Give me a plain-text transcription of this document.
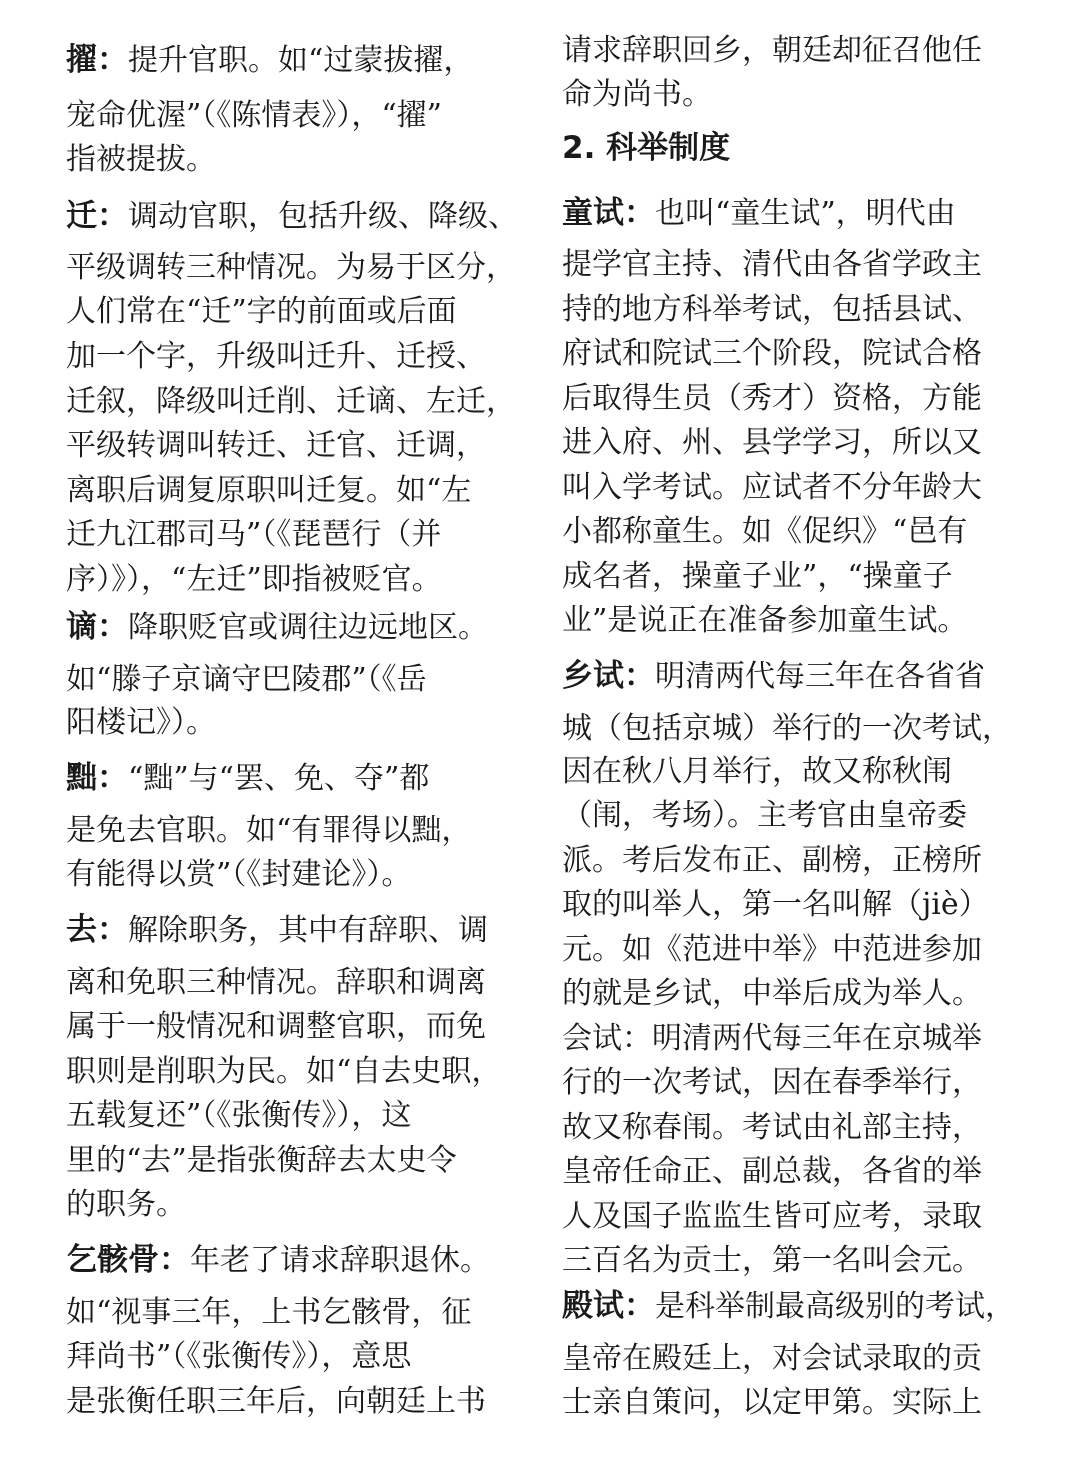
擢：提升官职。如“过蒙拔擢，
宠命优渥”（《陈情表》），“擢”
指被提拔。
迁：调动官职，包括升级、降级、
平级调转三种情况。为易于区分，
人们常在“迁”字的前面或后面
加一个字，升级叫迁升、迁授、
迁叙，降级叫迁削、迁谪、左迁，
平级转调叫转迁、迁官、迁调，
离职后调复原职叫迁复。如“左
迁九江郡司马”（《琵琶行（并
序）》），“左迁”即指被贬官。
谪：降职贬官或调往边远地区。
如“滕子京谪守巴陵郡”（《岳
阳楼记》）。
黜：“黜”与“罢、免、夺”都
是免去官职。如“有罪得以黜，
有能得以赏”（《封建论》）。
去：解除职务，其中有辞职、调
离和免职三种情况。辞职和调离
属于一般情况和调整官职，而免
职则是削职为民。如“自去史职，
五载复还”（《张衡传》），这
里的“去”是指张衡辞去太史令
的职务。
乞骸骨：年老了请求辞职退休。
如“视事三年，上书乞骸骨，征
拜尚书”（《张衡传》），意思
是张衡任职三年后，向朝廷上书
请求辞职回乡，朝廷却征召他任
命为尚书。
2. 科举制度
童试：也叫“童生试”，明代由
提学官主持、清代由各省学政主
持的地方科举考试，包括县试、
府试和院试三个阶段，院试合格
后取得生员（秀才）资格，方能
进入府、州、县学学习，所以又
叫入学考试。应试者不分年龄大
小都称童生。如《促织》“邑有
成名者，操童子业”，“操童子
业”是说正在准备参加童生试。
乡试：明清两代每三年在各省省
城（包括京城）举行的一次考试，
因在秋八月举行，故又称秋闱
（闱，考场）。主考官由皇帝委
派。考后发布正、副榜，正榜所
取的叫举人，第一名叫解（jiè）
元。如《范进中举》中范进参加
的就是乡试，中举后成为举人。
会试：明清两代每三年在京城举
行的一次考试，因在春季举行，
故又称春闱。考试由礼部主持，
皇帝任命正、副总裁，各省的举
人及国子监监生皆可应考，录取
三百名为贡士，第一名叫会元。
殿试：是科举制最高级别的考试，
皇帝在殿廷上，对会试录取的贡
士亲自策问，以定甲第。实际上
